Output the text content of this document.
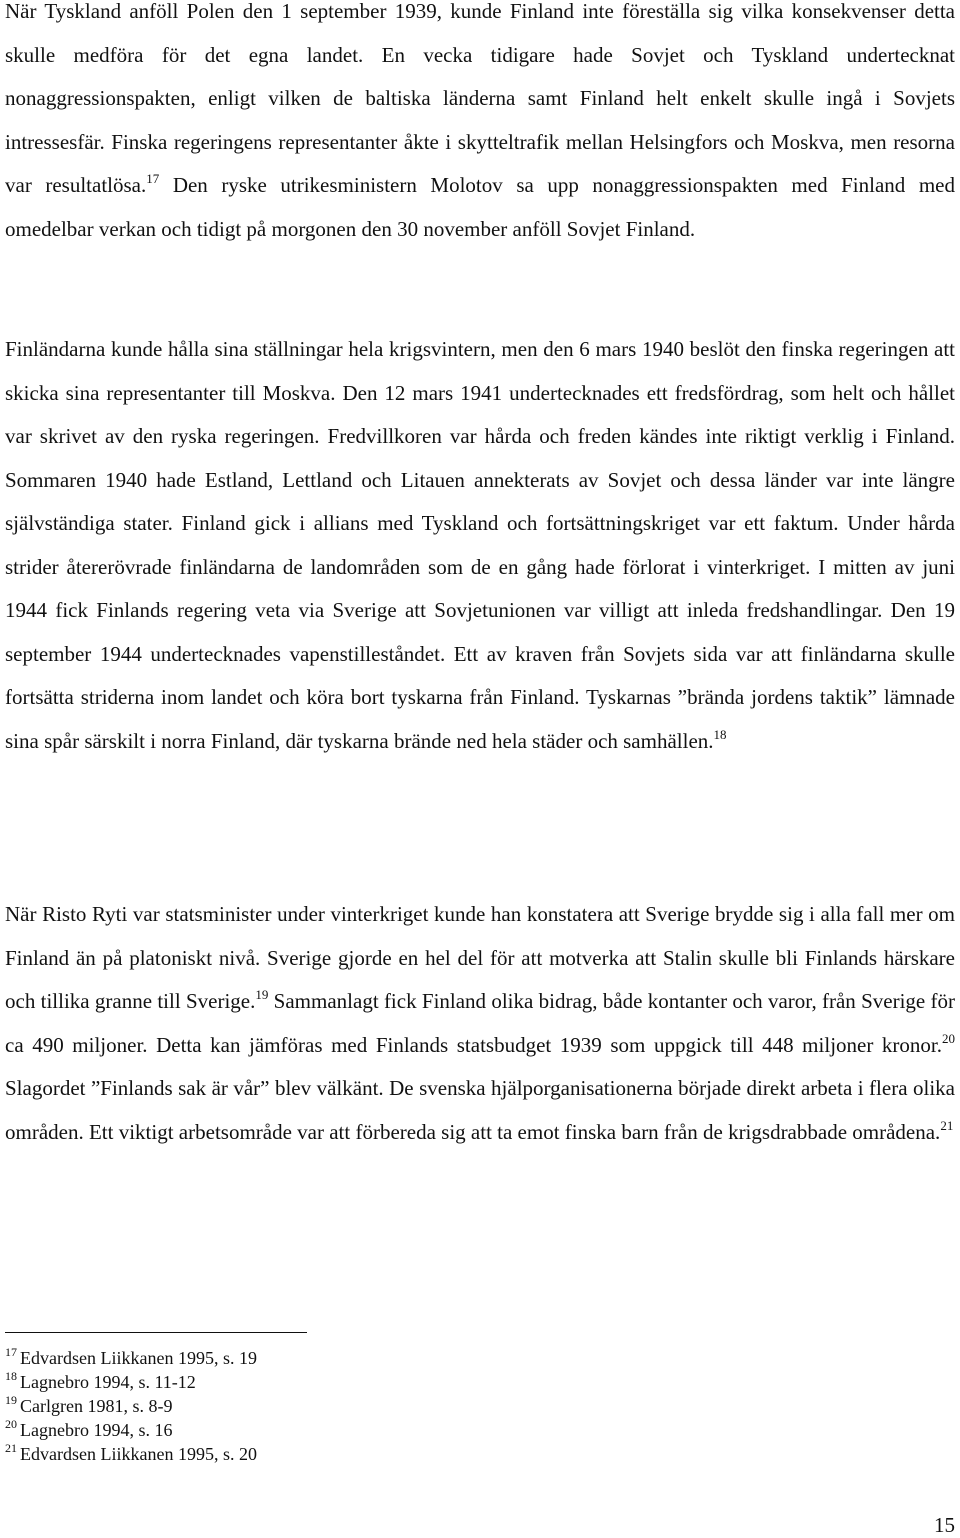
När Tyskland anföll Polen den 1 september 1939, kunde Finland inte föreställa sig vilka konsekvenser detta skulle medföra för det egna landet. En vecka tidigare hade Sovjet och Tyskland undertecknat nonaggressionspakten, enligt vilken de baltiska länderna samt Finland helt enkelt skulle ingå i Sovjets intressesfär. Finska regeringens representanter åkte i skytteltrafik mellan Helsingfors och Moskva, men resorna var resultatlösa.$^{17}$ Den ryske utrikesministern Molotov sa upp nonaggressionspakten med Finland med omedelbar verkan och tidigt på morgonen den 30 november anföll Sovjet Finland.

Finländarna kunde hålla sina ställningar hela krigsvintern, men den 6 mars 1940 beslöt den finska regeringen att skicka sina representanter till Moskva. Den 12 mars 1941 undertecknades ett fredsfördrag, som helt och hållet var skrivet av den ryska regeringen. Fredvillkoren var hårda och freden kändes inte riktigt verklig i Finland. Sommaren 1940 hade Estland, Lettland och Litauen annekterats av Sovjet och dessa länder var inte längre självständiga stater. Finland gick i allians med Tyskland och fortsättningskriget var ett faktum. Under hårda strider återerövrade finländarna de landområden som de en gång hade förlorat i vinterkriget. I mitten av juni 1944 fick Finlands regering veta via Sverige att Sovjetunionen var villigt att inleda fredshandlingar. Den 19 september 1944 undertecknades vapenstilleståndet. Ett av kraven från Sovjets sida var att finländarna skulle fortsätta striderna inom landet och köra bort tyskarna från Finland. Tyskarnas ”brända jordens taktik” lämnade sina spår särskilt i norra Finland, där tyskarna brände ned hela städer och samhällen.$^{18}$

När Risto Ryti var statsminister under vinterkriget kunde han konstatera att Sverige brydde sig i alla fall mer om Finland än på platoniskt nivå. Sverige gjorde en hel del för att motverka att Stalin skulle bli Finlands härskare och tillika granne till Sverige.$^{19}$ Sammanlagt fick Finland olika bidrag, både kontanter och varor, från Sverige för ca 490 miljoner. Detta kan jämföras med Finlands statsbudget 1939 som uppgick till 448 miljoner kronor.$^{20}$ Slagordet ”Finlands sak är vår” blev välkänt. De svenska hjälporganisationerna började direkt arbeta i flera olika områden. Ett viktigt arbetsområde var att förbereda sig att ta emot finska barn från de krigsdrabbade områdena.$^{21}$

$^{17}$ Edvardsen Liikkanen 1995, s. 19
$^{18}$ Lagnebro 1994, s. 11-12
$^{19}$ Carlgren 1981, s. 8-9
$^{20}$ Lagnebro 1994, s. 16
$^{21}$ Edvardsen Liikkanen 1995, s. 20
15
